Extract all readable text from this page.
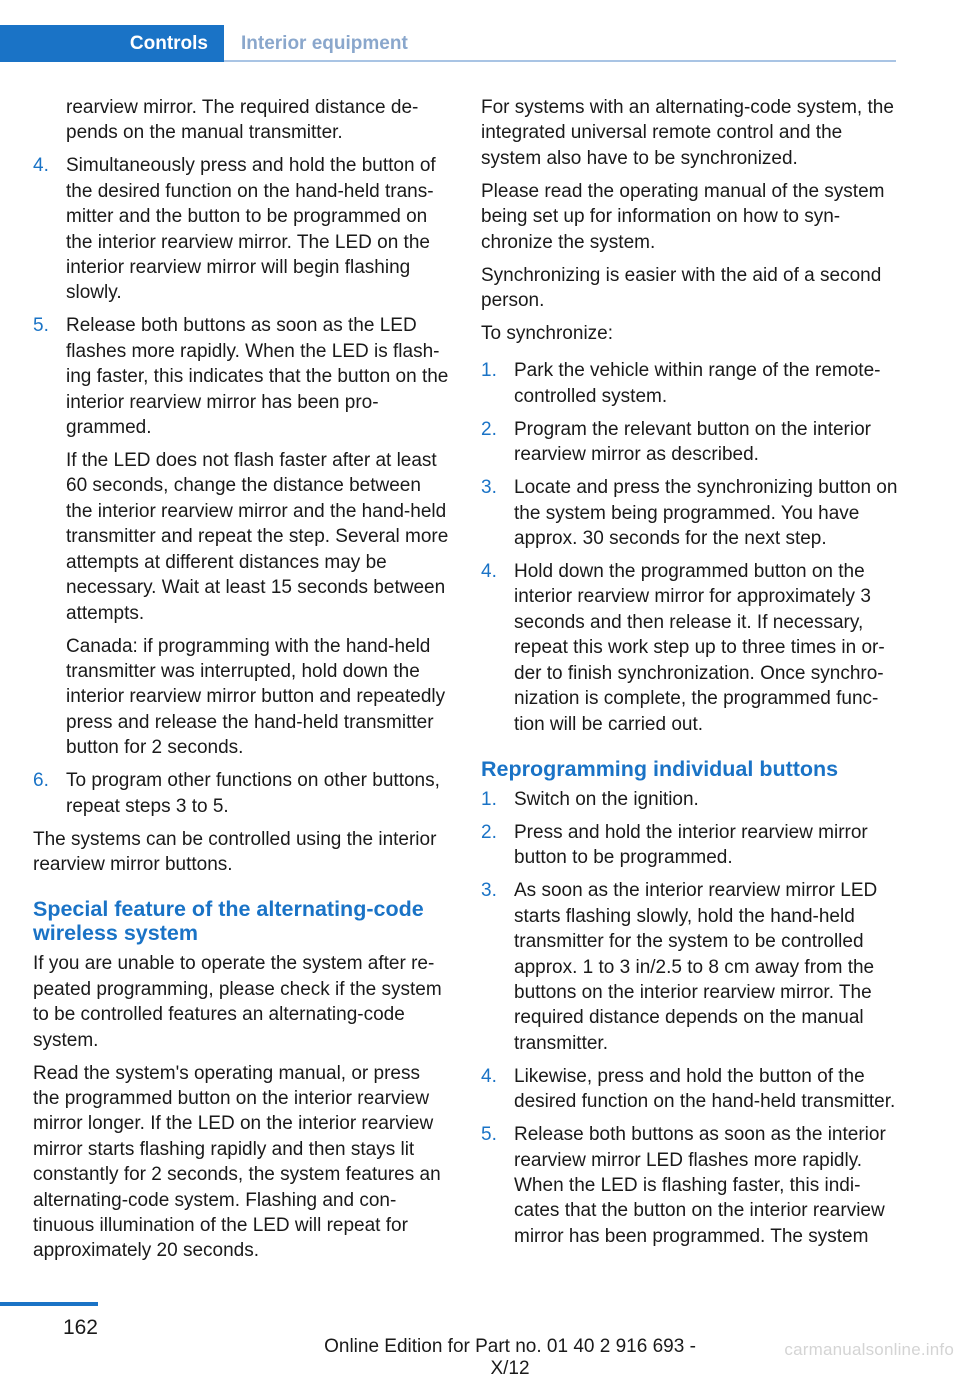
Controls	Interior equipment

rearview mirror. The required distance depends on the manual transmitter.

4. Simultaneously press and hold the button of the desired function on the hand-held transmitter and the button to be programmed on the interior rearview mirror. The LED on the interior rearview mirror will begin flashing slowly.

5. Release both buttons as soon as the LED flashes more rapidly. When the LED is flashing faster, this indicates that the button on the interior rearview mirror has been programmed.

If the LED does not flash faster after at least 60 seconds, change the distance between the interior rearview mirror and the hand-held transmitter and repeat the step. Several more attempts at different distances may be necessary. Wait at least 15 seconds between attempts.

Canada: if programming with the hand-held transmitter was interrupted, hold down the interior rearview mirror button and repeatedly press and release the hand-held transmitter button for 2 seconds.

6. To program other functions on other buttons, repeat steps 3 to 5.

The systems can be controlled using the interior rearview mirror buttons.

Special feature of the alternating-code wireless system

If you are unable to operate the system after repeated programming, please check if the system to be controlled features an alternating-code system.

Read the system's operating manual, or press the programmed button on the interior rearview mirror longer. If the LED on the interior rearview mirror starts flashing rapidly and then stays lit constantly for 2 seconds, the system features an alternating-code system. Flashing and continuous illumination of the LED will repeat for approximately 20 seconds.

For systems with an alternating-code system, the integrated universal remote control and the system also have to be synchronized.

Please read the operating manual of the system being set up for information on how to synchronize the system.

Synchronizing is easier with the aid of a second person.

To synchronize:

1. Park the vehicle within range of the remote-controlled system.

2. Program the relevant button on the interior rearview mirror as described.

3. Locate and press the synchronizing button on the system being programmed. You have approx. 30 seconds for the next step.

4. Hold down the programmed button on the interior rearview mirror for approximately 3 seconds and then release it. If necessary, repeat this work step up to three times in order to finish synchronization. Once synchronization is complete, the programmed function will be carried out.

Reprogramming individual buttons
1. Switch on the ignition.

2. Press and hold the interior rearview mirror button to be programmed.

3. As soon as the interior rearview mirror LED starts flashing slowly, hold the hand-held transmitter for the system to be controlled approx. 1 to 3 in/2.5 to 8 cm away from the buttons on the interior rearview mirror. The required distance depends on the manual transmitter.

4. Likewise, press and hold the button of the desired function on the hand-held transmitter.

5. Release both buttons as soon as the interior rearview mirror LED flashes more rapidly. When the LED is flashing faster, this indicates that the button on the interior rearview mirror has been programmed. The system

162
Online Edition for Part no. 01 40 2 916 693 - X/12
carmanualsonline.info
